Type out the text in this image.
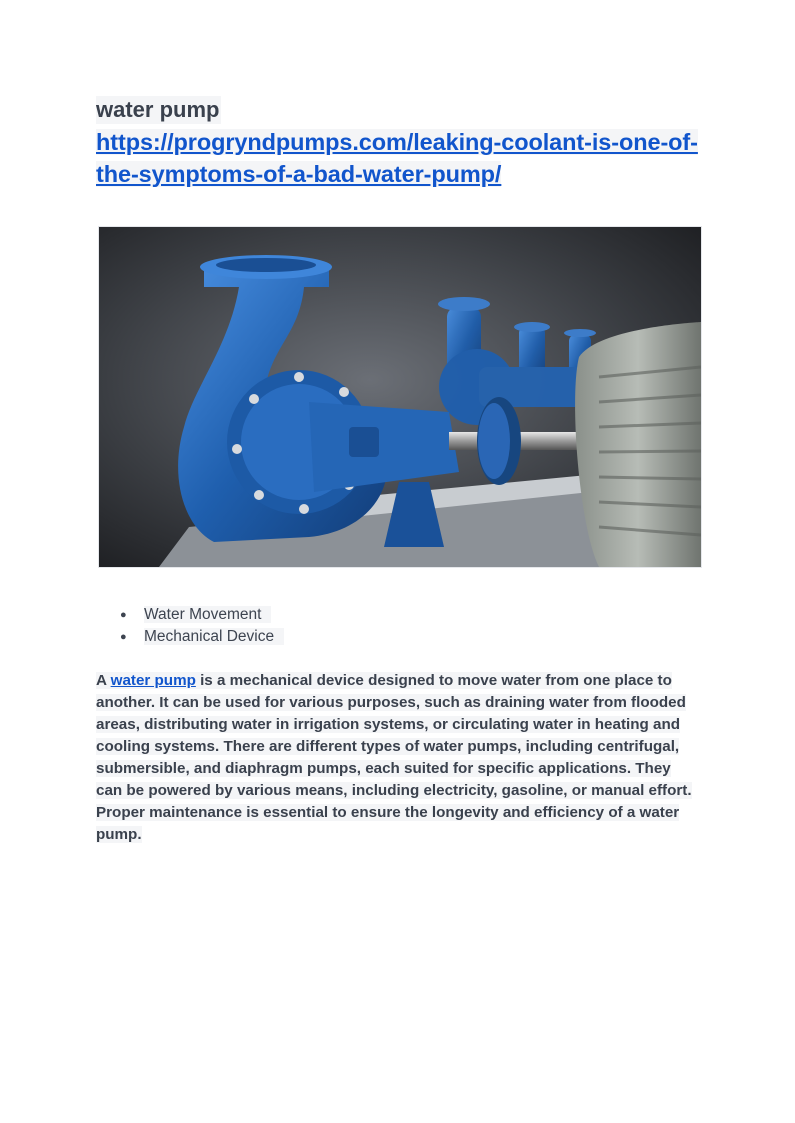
water pump
https://progryndpumps.com/leaking-coolant-is-one-of-the-symptoms-of-a-bad-water-pump/
● Water Movement
● Mechanical Device

A water pump is a mechanical device designed to move water from one place to another. It can be used for various purposes, such as draining water from flooded areas, distributing water in irrigation systems, or circulating water in heating and cooling systems. There are different types of water pumps, including centrifugal, submersible, and diaphragm pumps, each suited for specific applications. They can be powered by various means, including electricity, gasoline, or manual effort. Proper maintenance is essential to ensure the longevity and efficiency of a water pump.
